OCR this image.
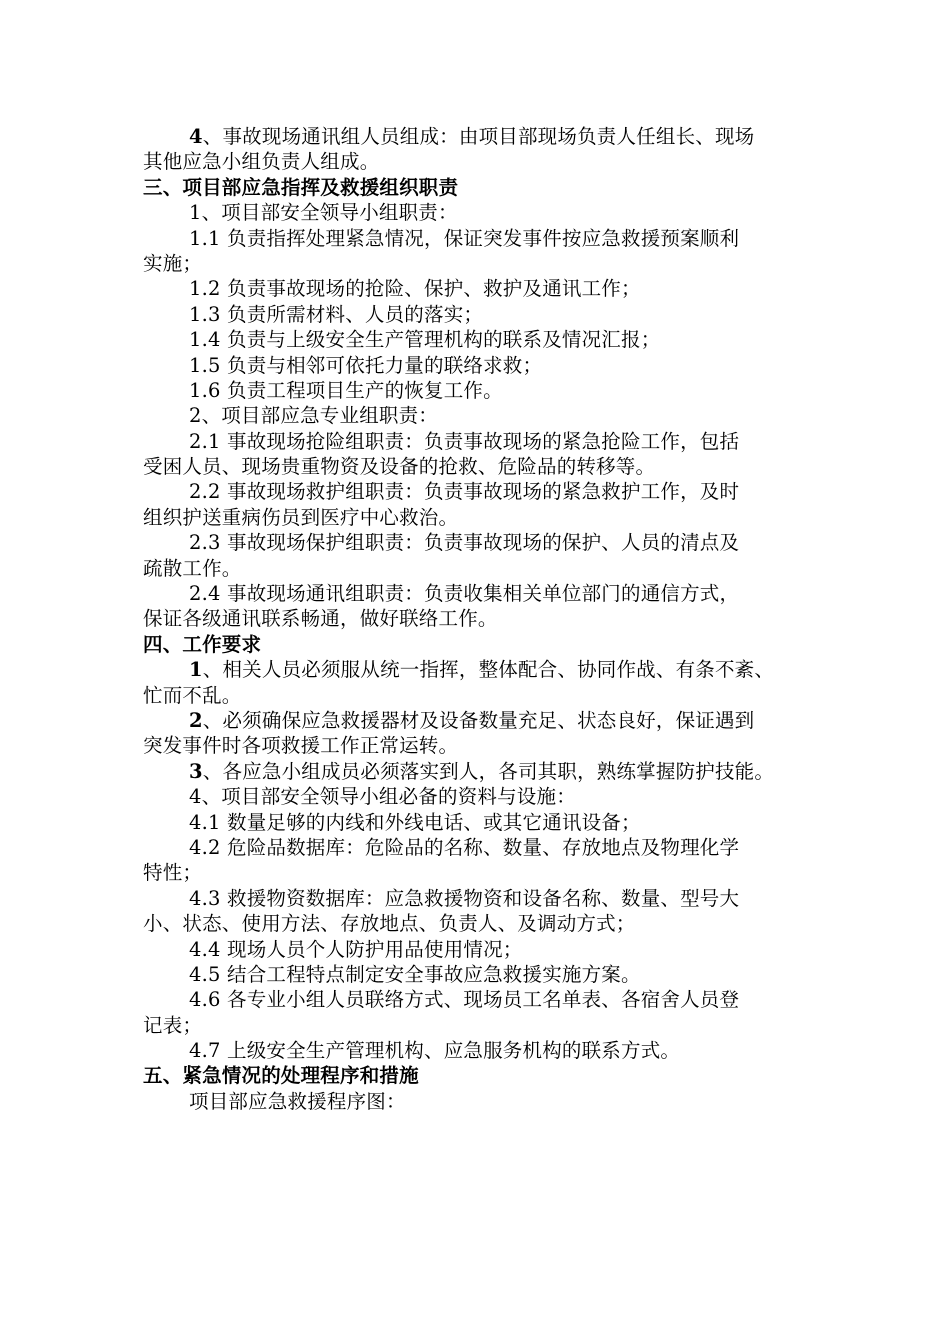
4、事故现场通讯组人员组成：由项目部现场负责人任组长、现场
其他应急小组负责人组成。
三、项目部应急指挥及救援组织职责
1、项目部安全领导小组职责：
1.1 负责指挥处理紧急情况，保证突发事件按应急救援预案顺利
实施；
1.2 负责事故现场的抢险、保护、救护及通讯工作；
1.3 负责所需材料、人员的落实；
1.4 负责与上级安全生产管理机构的联系及情况汇报；
1.5 负责与相邻可依托力量的联络求救；
1.6 负责工程项目生产的恢复工作。
2、项目部应急专业组职责：
2.1 事故现场抢险组职责：负责事故现场的紧急抢险工作，包括
受困人员、现场贵重物资及设备的抢救、危险品的转移等。
2.2 事故现场救护组职责：负责事故现场的紧急救护工作，及时
组织护送重病伤员到医疗中心救治。
2.3 事故现场保护组职责：负责事故现场的保护、人员的清点及
疏散工作。
2.4 事故现场通讯组职责：负责收集相关单位部门的通信方式，
保证各级通讯联系畅通，做好联络工作。
四、工作要求
1、相关人员必须服从统一指挥，整体配合、协同作战、有条不紊、
忙而不乱。
2、必须确保应急救援器材及设备数量充足、状态良好，保证遇到
突发事件时各项救援工作正常运转。
3、各应急小组成员必须落实到人，各司其职，熟练掌握防护技能。
4、项目部安全领导小组必备的资料与设施：
4.1 数量足够的内线和外线电话、或其它通讯设备；
4.2 危险品数据库：危险品的名称、数量、存放地点及物理化学
特性；
4.3 救援物资数据库：应急救援物资和设备名称、数量、型号大
小、状态、使用方法、存放地点、负责人、及调动方式；
4.4 现场人员个人防护用品使用情况；
4.5 结合工程特点制定安全事故应急救援实施方案。
4.6 各专业小组人员联络方式、现场员工名单表、各宿舍人员登
记表；
4.7 上级安全生产管理机构、应急服务机构的联系方式。
五、紧急情况的处理程序和措施
项目部应急救援程序图：
